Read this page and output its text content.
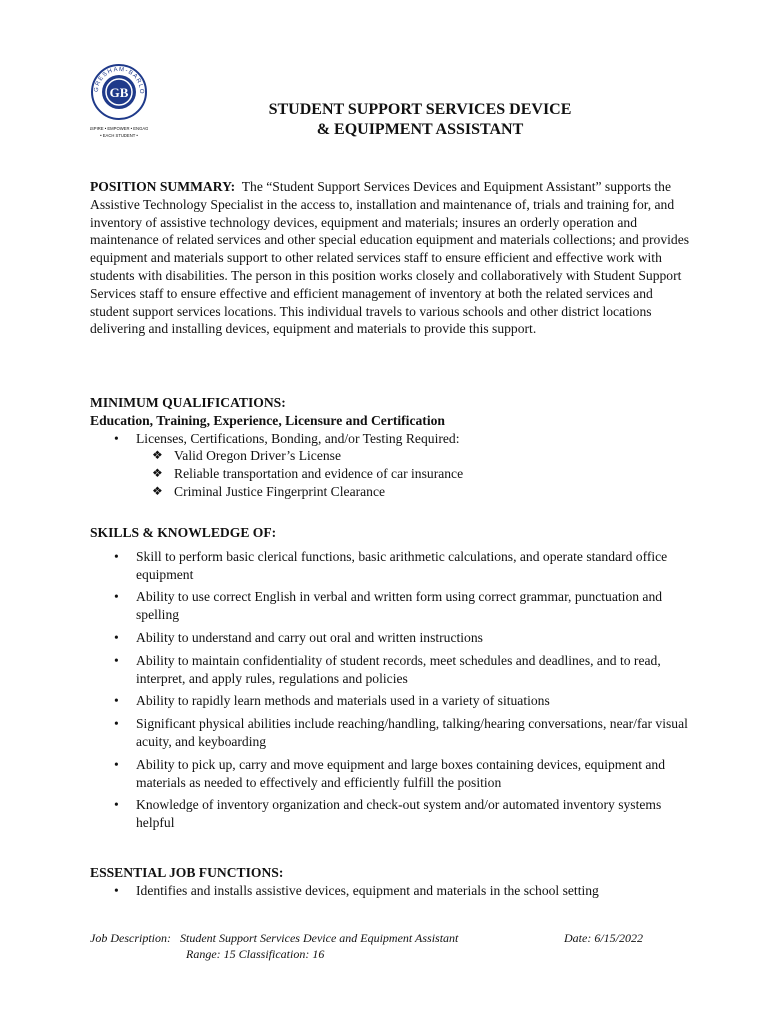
GB
GRESHAM-BARLO
INSPIRE • EMPOWER • ENGAGE
• EACH STUDENT •
STUDENT SUPPORT SERVICES DEVICE
& EQUIPMENT ASSISTANT
POSITION SUMMARY: The “Student Support Services Devices and Equipment Assistant” supports the Assistive Technology Specialist in the access to, installation and maintenance of, trials and training for, and inventory of assistive technology devices, equipment and materials; insures an orderly operation and maintenance of related services and other special education equipment and materials collections; and provides equipment and materials support to other related services staff to ensure efficient and effective work with students with disabilities. The person in this position works closely and collaboratively with Student Support Services staff to ensure effective and efficient management of inventory at both the related services and student support services locations. This individual travels to various schools and other district locations delivering and installing devices, equipment and materials to provide this support.
MINIMUM QUALIFICATIONS:
Education, Training, Experience, Licensure and Certification
• Licenses, Certifications, Bonding, and/or Testing Required:
❖ Valid Oregon Driver’s License
❖ Reliable transportation and evidence of car insurance
❖ Criminal Justice Fingerprint Clearance
SKILLS & KNOWLEDGE OF:
• Skill to perform basic clerical functions, basic arithmetic calculations, and operate standard office equipment
• Ability to use correct English in verbal and written form using correct grammar, punctuation and spelling
• Ability to understand and carry out oral and written instructions
• Ability to maintain confidentiality of student records, meet schedules and deadlines, and to read, interpret, and apply rules, regulations and policies
• Ability to rapidly learn methods and materials used in a variety of situations
• Significant physical abilities include reaching/handling, talking/hearing conversations, near/far visual acuity, and keyboarding
• Ability to pick up, carry and move equipment and large boxes containing devices, equipment and materials as needed to effectively and efficiently fulfill the position
• Knowledge of inventory organization and check-out system and/or automated inventory systems helpful
ESSENTIAL JOB FUNCTIONS:
• Identifies and installs assistive devices, equipment and materials in the school setting
Job Description:   Student Support Services Device and Equipment Assistant
Range: 15 Classification: 16
Date: 6/15/2022
